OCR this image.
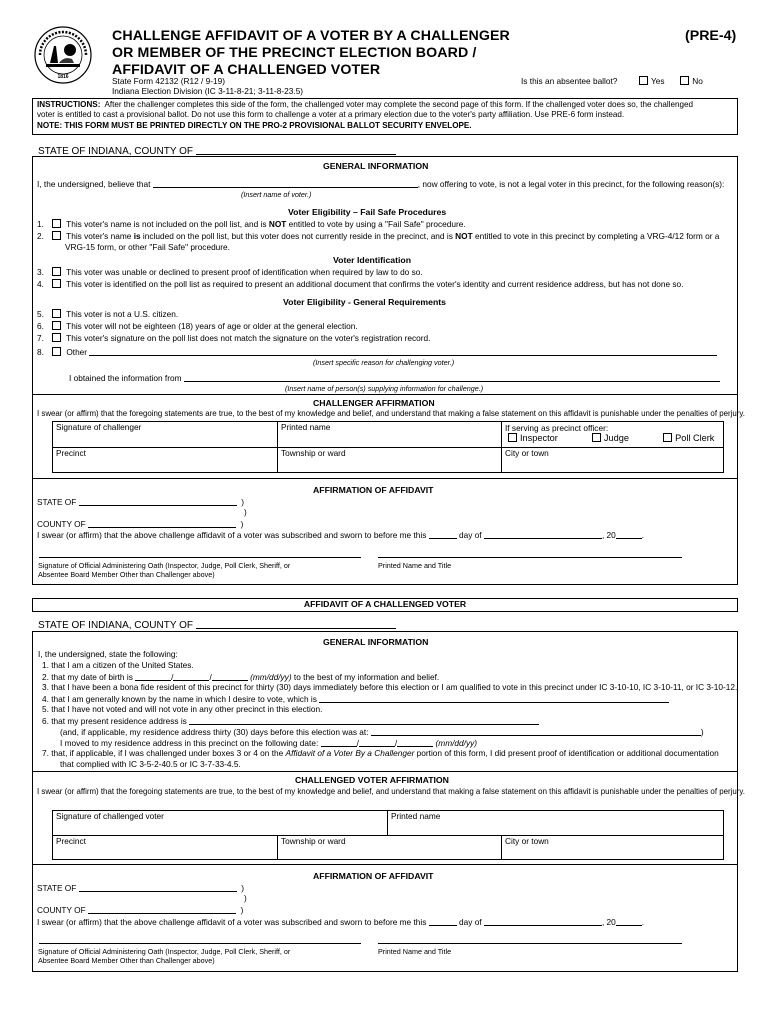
1816
CHALLENGE AFFIDAVIT OF A VOTER BY A CHALLENGER
OR MEMBER OF THE PRECINCT ELECTION BOARD /
AFFIDAVIT OF A CHALLENGED VOTER
(PRE-4)
State Form 42132 (R12 / 9-19)
Indiana Election Division (IC 3-11-8-21; 3-11-8-23.5)
Is this an absentee ballot?	Yes	No
INSTRUCTIONS: After the challenger completes this side of the form, the challenged voter may complete the second page of this form. If the challenged voter does so, the challenged
voter is entitled to cast a provisional ballot. Do not use this form to challenge a voter at a primary election due to the voter's party affiliation. Use PRE-6 form instead.
NOTE: THIS FORM MUST BE PRINTED DIRECTLY ON THE PRO-2 PROVISIONAL BALLOT SECURITY ENVELOPE.
STATE OF INDIANA, COUNTY OF
GENERAL INFORMATION
I, the undersigned, believe that	, now offering to vote, is not a legal voter in this precinct, for the following reason(s):
(Insert name of voter.)
Voter Eligibility – Fail Safe Procedures
1.	This voter's name is not included on the poll list, and is NOT entitled to vote by using a "Fail Safe" procedure.
2.	This voter's name is included on the poll list, but this voter does not currently reside in the precinct, and is NOT entitled to vote in this precinct by completing a VRG-4/12 form or a
VRG-15 form, or other "Fail Safe" procedure.
Voter Identification
3.	This voter was unable or declined to present proof of identification when required by law to do so.
4.	This voter is identified on the poll list as required to present an additional document that confirms the voter's identity and current residence address, but has not done so.
Voter Eligibility - General Requirements
5.	This voter is not a U.S. citizen.
6.	This voter will not be eighteen (18) years of age or older at the general election.
7.	This voter's signature on the poll list does not match the signature on the voter's registration record.
8.	Other
(Insert specific reason for challenging voter.)
I obtained the information from
(Insert name of person(s) supplying information for challenge.)
CHALLENGER AFFIRMATION
I swear (or affirm) that the foregoing statements are true, to the best of my knowledge and belief, and understand that making a false statement on this affidavit is punishable under the penalties of perjury.
Signature of challenger	Printed name	If serving as precinct officer:
Inspector	Judge	Poll Clerk
Precinct	Township or ward	City or town
AFFIRMATION OF AFFIDAVIT
STATE OF	)
)
COUNTY OF	)
I swear (or affirm) that the above challenge affidavit of a voter was subscribed and sworn to before me this	day of	, 20	.
Signature of Official Administering Oath (Inspector, Judge, Poll Clerk, Sheriff, or
Absentee Board Member Other than Challenger above)
Printed Name and Title
AFFIDAVIT OF A CHALLENGED VOTER
STATE OF INDIANA, COUNTY OF
GENERAL INFORMATION
I, the undersigned, state the following:
1. that I am a citizen of the United States.
2. that my date of birth is	/	/	(mm/dd/yy) to the best of my information and belief.
3. that I have been a bona fide resident of this precinct for thirty (30) days immediately before this election or I am qualified to vote in this precinct under IC 3-10-10, IC 3-10-11, or IC 3-10-12.
4. that I am generally known by the name in which I desire to vote, which is
5. that I have not voted and will not vote in any other precinct in this election.
6. that my present residence address is
(and, if applicable, my residence address thirty (30) days before this election was at:	)
I moved to my residence address in this precinct on the following date:	/	/	(mm/dd/yy)
7. that, if applicable, if I was challenged under boxes 3 or 4 on the Affidavit of a Voter By a Challenger portion of this form, I did present proof of identification or additional documentation
that complied with IC 3-5-2-40.5 or IC 3-7-33-4.5.
CHALLENGED VOTER AFFIRMATION
I swear (or affirm) that the foregoing statements are true, to the best of my knowledge and belief, and understand that making a false statement on this affidavit is punishable under the penalties of perjury.
Signature of challenged voter	Printed name
Precinct	Township or ward	City or town
AFFIRMATION OF AFFIDAVIT
STATE OF	)
)
COUNTY OF	)
I swear (or affirm) that the above challenge affidavit of a voter was subscribed and sworn to before me this	day of	, 20	.
Signature of Official Administering Oath (Inspector, Judge, Poll Clerk, Sheriff, or
Absentee Board Member Other than Challenger above)
Printed Name and Title
